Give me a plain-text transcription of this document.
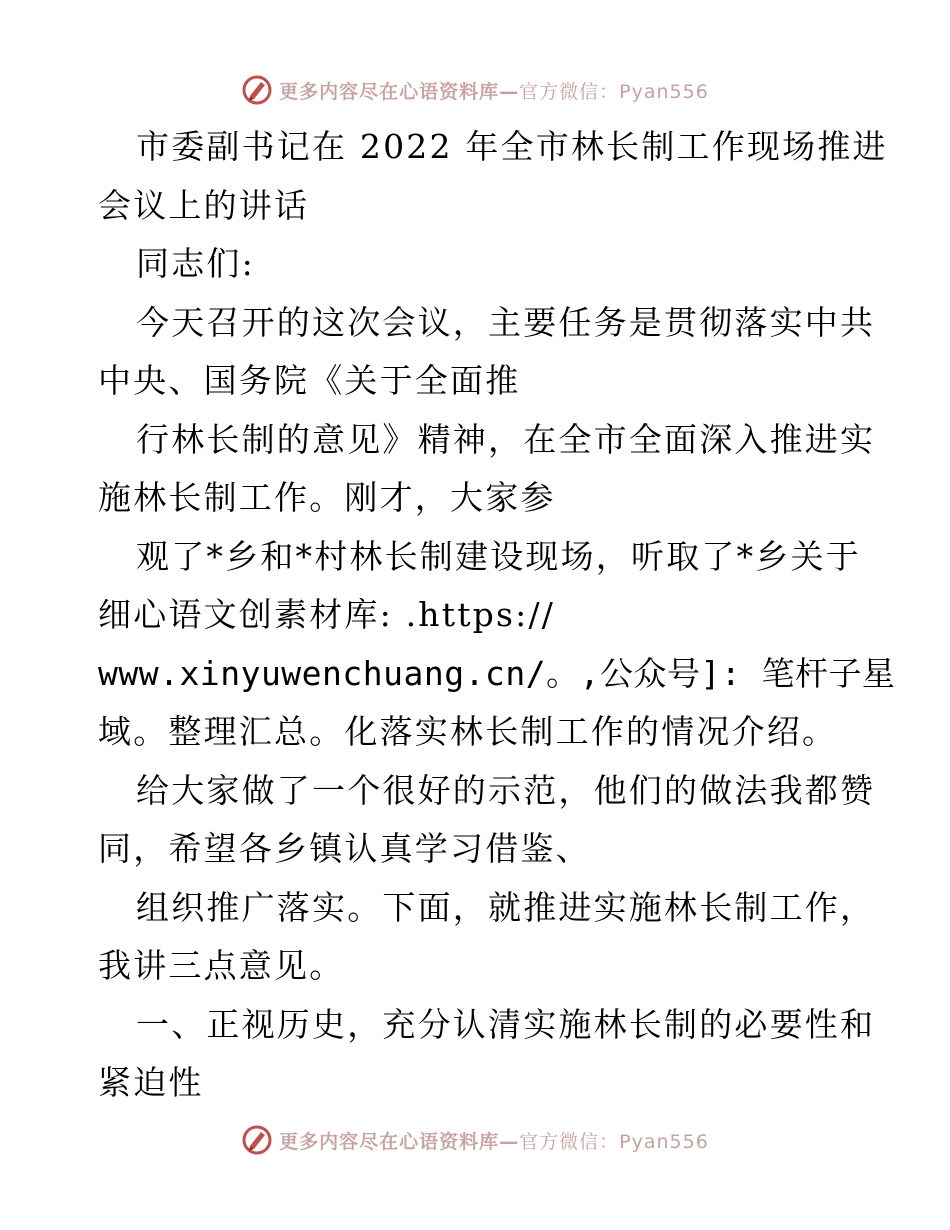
更多内容尽在心语资料库—官方微信：Pyan556
市委副书记在 2022 年全市林长制工作现场推进
会议上的讲话
同志们:
今天召开的这次会议，主要任务是贯彻落实中共
中央、国务院《关于全面推
行林长制的意见》精神，在全市全面深入推进实
施林长制工作。刚才，大家参
观了*乡和*村林长制建设现场，听取了*乡关于
细心语文创素材库: .https://
www.xinyuwenchuang.cn/。,公众号]: 笔杆子星
域。整理汇总。化落实林长制工作的情况介绍。
给大家做了一个很好的示范，他们的做法我都赞
同，希望各乡镇认真学习借鉴、
组织推广落实。下面，就推进实施林长制工作，
我讲三点意见。
一、正视历史，充分认清实施林长制的必要性和
紧迫性
更多内容尽在心语资料库—官方微信：Pyan556
